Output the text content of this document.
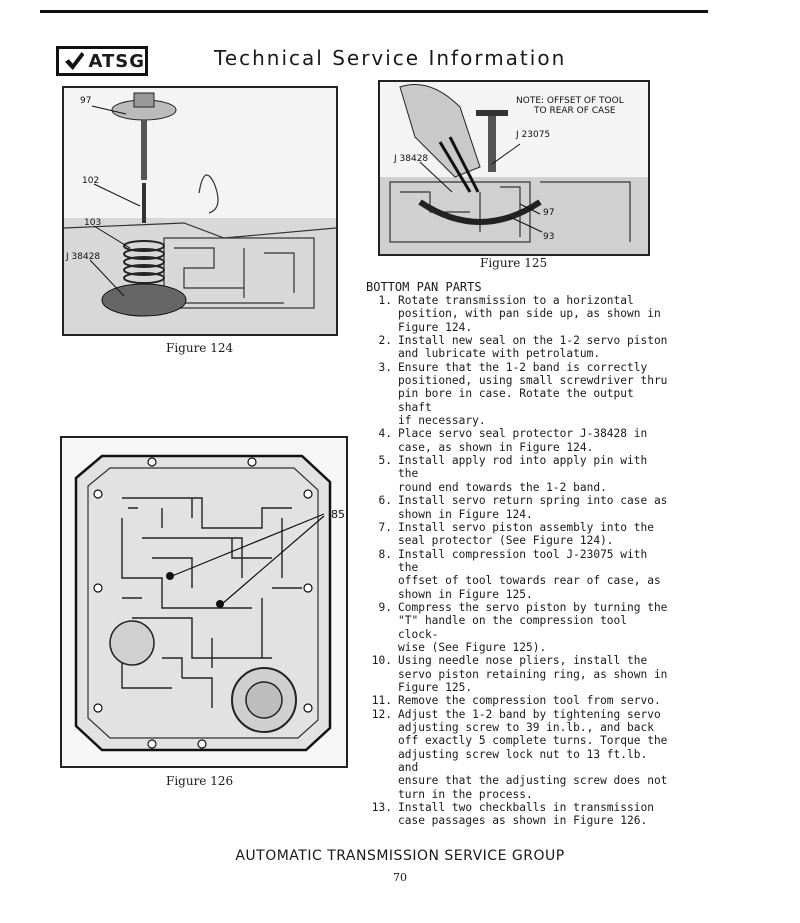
ATSG	Technical Service Information
97
102
103
J 38428
Figure 124
NOTE: OFFSET OF TOOL
TO REAR OF CASE
J 23075
J 38428
97
93
Figure 125
BOTTOM PAN PARTS
1. Rotate transmission to a horizontal
position, with pan side up, as shown in
Figure 124.
2. Install new seal on the 1-2 servo piston
and lubricate with petrolatum.
3. Ensure that the 1-2 band is correctly
positioned, using small screwdriver thru
pin bore in case. Rotate the output shaft
if necessary.
4. Place servo seal protector J-38428 in
case, as shown in Figure 124.
5. Install apply rod into apply pin with the
round end towards the 1-2 band.
6. Install servo return spring into case as
shown in Figure 124.
7. Install servo piston assembly into the
seal protector (See Figure 124).
8. Install compression tool J-23075 with the
offset of tool towards rear of case, as
shown in Figure 125.
9. Compress the servo piston by turning the
"T" handle on the compression tool clock-
wise (See Figure 125).
10. Using needle nose pliers, install the
servo piston retaining ring, as shown in
Figure 125.
11. Remove the compression tool from servo.
12. Adjust the 1-2 band by tightening servo
adjusting screw to 39 in.lb., and back
off exactly 5 complete turns. Torque the
adjusting screw lock nut to 13 ft.lb. and
ensure that the adjusting screw does not
turn in the process.
13. Install two checkballs in transmission
case passages as shown in Figure 126.
85
Figure 126
AUTOMATIC TRANSMISSION SERVICE GROUP
70
